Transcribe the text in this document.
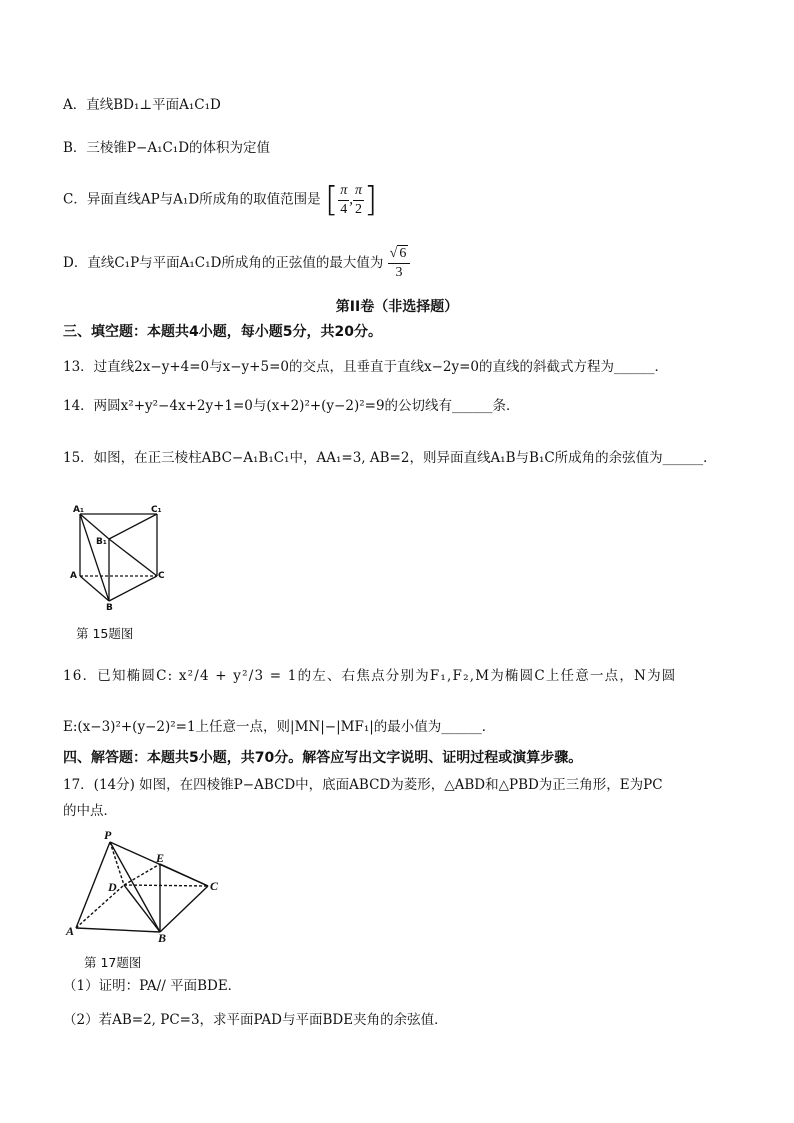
A．直线BD₁⊥平面A₁C₁D
B．三棱锥P−A₁C₁D的体积为定值
C．异面直线AP与A₁D所成角的取值范围是 [ $\frac{\pi}{4}$ , $\frac{\pi}{2}$ ]
D．直线C₁P与平面A₁C₁D所成角的正弦值的最大值为 $\frac{√ 6}{3}$
第II卷（非选择题）
三、填空题：本题共4小题，每小题5分，共20分。
13．过直线2x−y+4=0与x−y+5=0的交点，且垂直于直线x−2y=0的直线的斜截式方程为______．
14．两圆x²+y²−4x+2y+1=0与(x+2)²+(y−2)²=9的公切线有______条．
15．如图，在正三棱柱ABC−A₁B₁C₁中，AA₁=3, AB=2，则异面直线A₁B与B₁C所成角的余弦值为______．
A₁	C₁
B₁
A	C
B
第 15题图
16．已知椭圆C: x²/4 + y²/3 = 1的左、右焦点分别为F₁,F₂,M为椭圆C上任意一点，N为圆
E:(x−3)²+(y−2)²=1上任意一点，则|MN|−|MF₁|的最小值为______．
四、解答题：本题共5小题，共70分。解答应写出文字说明、证明过程或演算步骤。
17．(14分) 如图，在四棱锥P−ABCD中，底面ABCD为菱形，△ABD和△PBD为正三角形，E为PC
的中点．
P
E
D	C
A	B
第 17题图
（1）证明：PA// 平面BDE．
（2）若AB=2, PC=3，求平面PAD与平面BDE夹角的余弦值．
